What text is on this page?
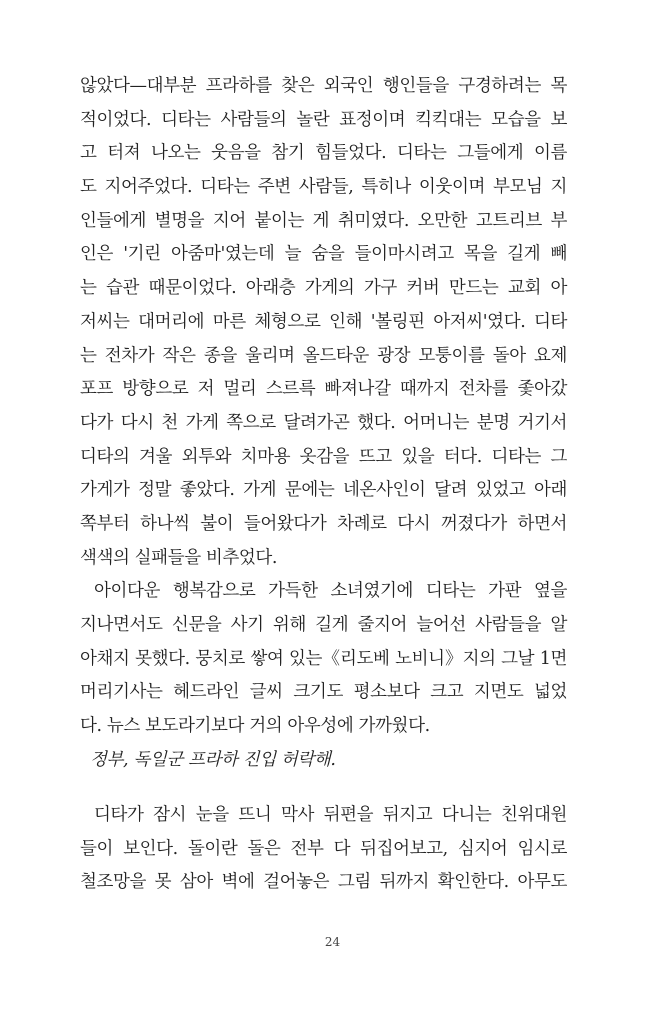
않았다—대부분 프라하를 찾은 외국인 행인들을 구경하려는 목
적이었다. 디타는 사람들의 놀란 표정이며 킥킥대는 모습을 보
고 터져 나오는 웃음을 참기 힘들었다. 디타는 그들에게 이름
도 지어주었다. 디타는 주변 사람들, 특히나 이웃이며 부모님 지
인들에게 별명을 지어 붙이는 게 취미였다. 오만한 고트리브 부
인은 '기린 아줌마'였는데 늘 숨을 들이마시려고 목을 길게 빼
는 습관 때문이었다. 아래층 가게의 가구 커버 만드는 교회 아
저씨는 대머리에 마른 체형으로 인해 '볼링핀 아저씨'였다. 디타
는 전차가 작은 종을 울리며 올드타운 광장 모퉁이를 돌아 요제
포프 방향으로 저 멀리 스르륵 빠져나갈 때까지 전차를 좇아갔
다가 다시 천 가게 쪽으로 달려가곤 했다. 어머니는 분명 거기서
디타의 겨울 외투와 치마용 옷감을 뜨고 있을 터다. 디타는 그
가게가 정말 좋았다. 가게 문에는 네온사인이 달려 있었고 아래
쪽부터 하나씩 불이 들어왔다가 차례로 다시 꺼졌다가 하면서
색색의 실패들을 비추었다.
아이다운 행복감으로 가득한 소녀였기에 디타는 가판 옆을
지나면서도 신문을 사기 위해 길게 줄지어 늘어선 사람들을 알
아채지 못했다. 뭉치로 쌓여 있는《리도베 노비니》지의 그날 1면
머리기사는 헤드라인 글씨 크기도 평소보다 크고 지면도 넓었
다. 뉴스 보도라기보다 거의 아우성에 가까웠다.
정부, 독일군 프라하 진입 허락해.
디타가 잠시 눈을 뜨니 막사 뒤편을 뒤지고 다니는 친위대원
들이 보인다. 돌이란 돌은 전부 다 뒤집어보고, 심지어 임시로
철조망을 못 삼아 벽에 걸어놓은 그림 뒤까지 확인한다. 아무도
24
